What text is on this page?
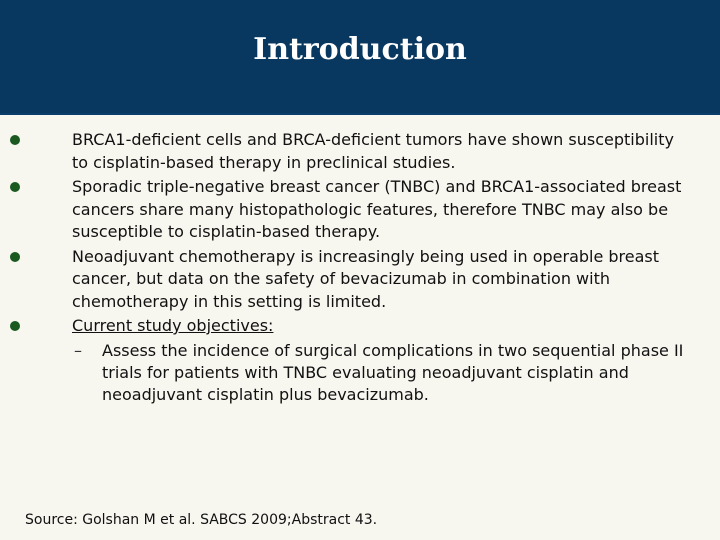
Introduction
BRCA1-deficient cells and BRCA-deficient tumors have shown susceptibility to cisplatin-based therapy in preclinical studies.
Sporadic triple-negative breast cancer (TNBC) and BRCA1-associated breast cancers share many histopathologic features, therefore TNBC may also be susceptible to cisplatin-based therapy.
Neoadjuvant chemotherapy is increasingly being used in operable breast cancer, but data on the safety of bevacizumab in combination with chemotherapy in this setting is limited.
Current study objectives:
– Assess the incidence of surgical complications in two sequential phase II trials for patients with TNBC evaluating neoadjuvant cisplatin and neoadjuvant cisplatin plus bevacizumab.
Source: Golshan M et al. SABCS 2009;Abstract 43.
